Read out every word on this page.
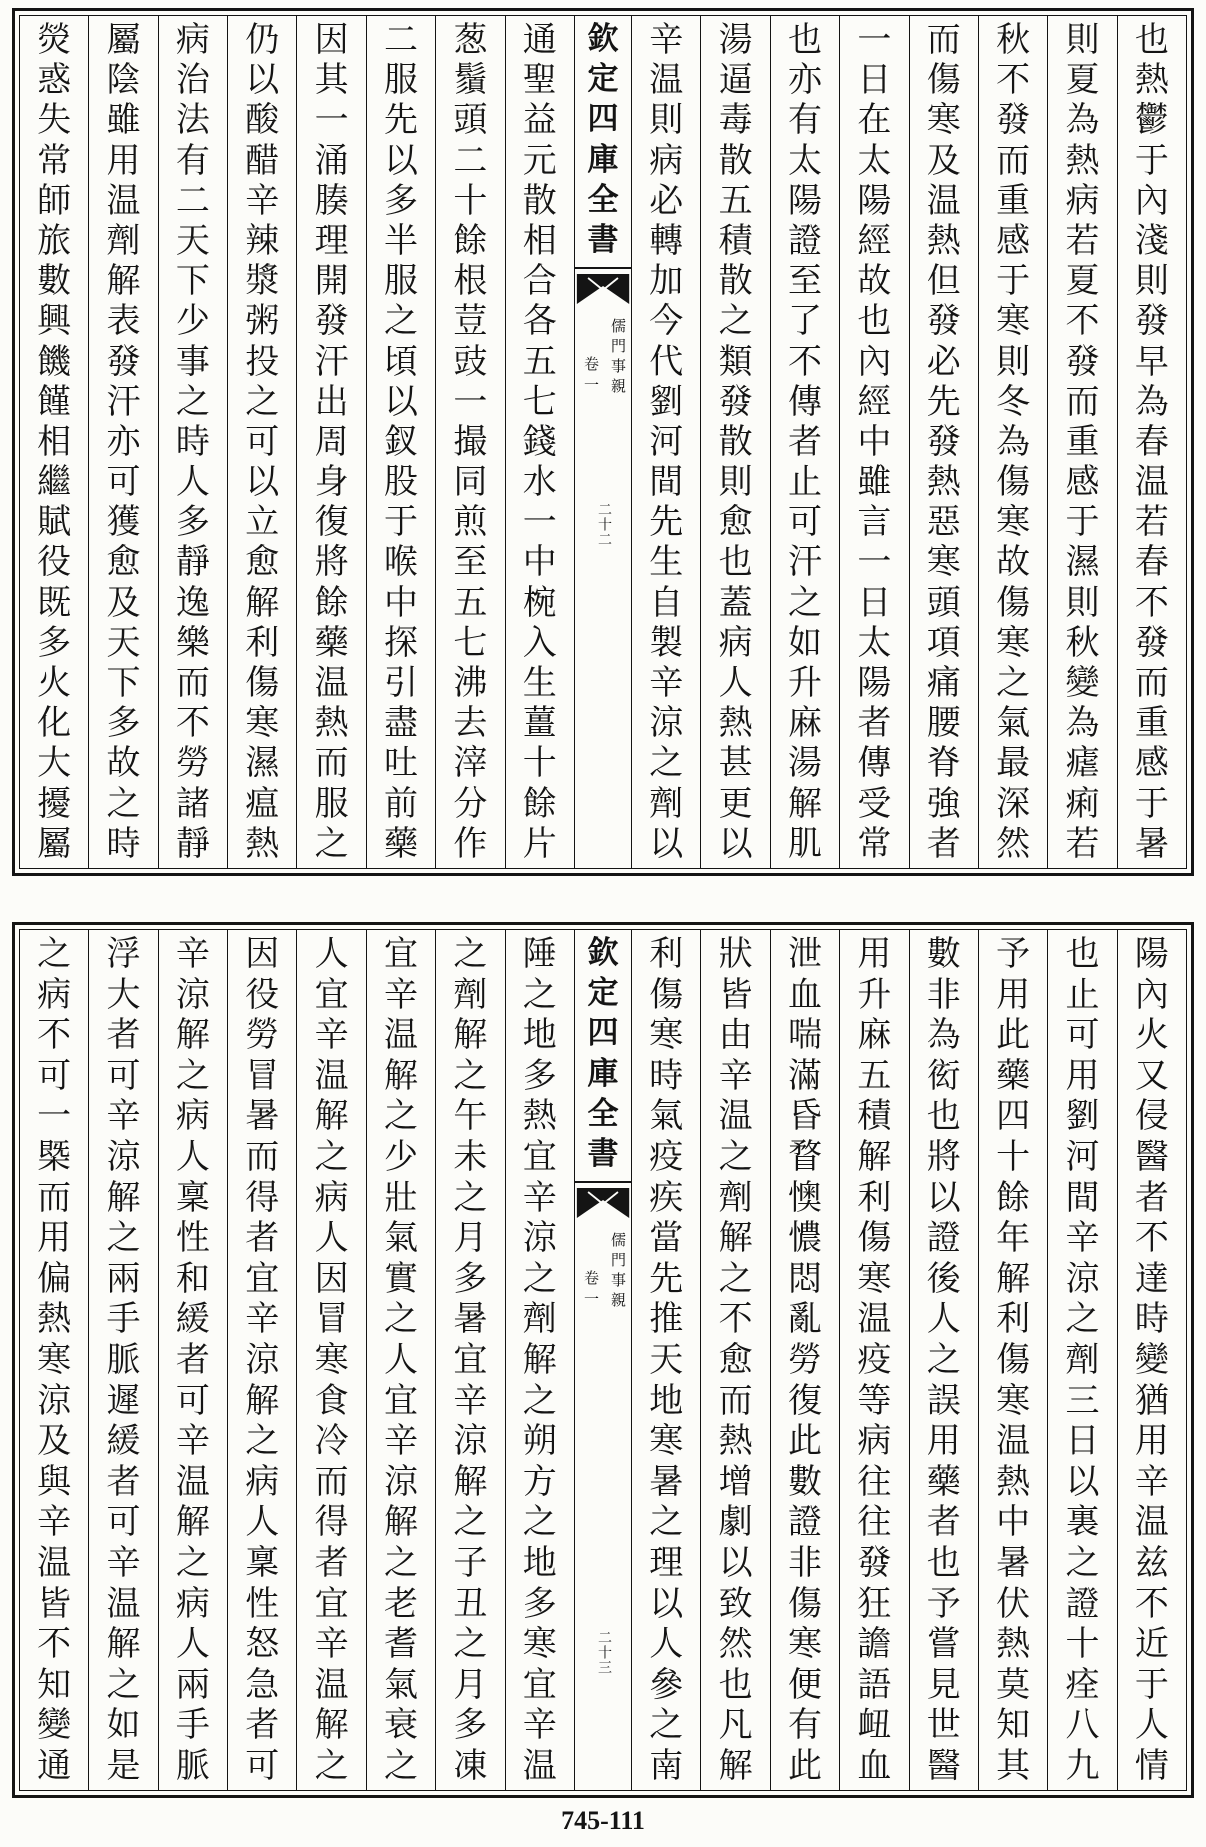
也
熱
鬱
于
內
淺
則
發
早
為
春
温
若
春
不
發
而
重
感
于
暑
則
夏
為
熱
病
若
夏
不
發
而
重
感
于
濕
則
秋
變
為
瘧
痢
若
秋
不
發
而
重
感
于
寒
則
冬
為
傷
寒
故
傷
寒
之
氣
最
深
然
而
傷
寒
及
温
熱
但
發
必
先
發
熱
惡
寒
頭
項
痛
腰
脊
強
者
一
日
在
太
陽
經
故
也
內
經
中
雖
言
一
日
太
陽
者
傳
受
常
也
亦
有
太
陽
證
至
了
不
傳
者
止
可
汗
之
如
升
麻
湯
解
肌
湯
逼
毒
散
五
積
散
之
類
發
散
則
愈
也
蓋
病
人
熱
甚
更
以
辛
温
則
病
必
轉
加
今
代
劉
河
間
先
生
自
製
辛
涼
之
劑
以
欽
定
四
庫
全
書
儒門事親
卷一
二十二
通
聖
益
元
散
相
合
各
五
七
錢
水
一
中
椀
入
生
薑
十
餘
片
葱
鬚
頭
二
十
餘
根
荳
豉
一
撮
同
煎
至
五
七
沸
去
滓
分
作
二
服
先
以
多
半
服
之
頃
以
釵
股
于
喉
中
探
引
盡
吐
前
藥
因
其
一
涌
腠
理
開
發
汗
出
周
身
復
將
餘
藥
温
熱
而
服
之
仍
以
酸
醋
辛
辣
漿
粥
投
之
可
以
立
愈
解
利
傷
寒
濕
瘟
熱
病
治
法
有
二
天
下
少
事
之
時
人
多
靜
逸
樂
而
不
勞
諸
靜
屬
陰
雖
用
温
劑
解
表
發
汗
亦
可
獲
愈
及
天
下
多
故
之
時
熒
惑
失
常
師
旅
數
興
饑
饉
相
繼
賦
役
既
多
火
化
大
擾
屬
陽
內
火
又
侵
醫
者
不
達
時
變
猶
用
辛
温
兹
不
近
于
人
情
也
止
可
用
劉
河
間
辛
涼
之
劑
三
日
以
裏
之
證
十
痊
八
九
予
用
此
藥
四
十
餘
年
解
利
傷
寒
温
熱
中
暑
伏
熱
莫
知
其
數
非
為
衒
也
將
以
證
後
人
之
誤
用
藥
者
也
予
嘗
見
世
醫
用
升
麻
五
積
解
利
傷
寒
温
疫
等
病
往
往
發
狂
譫
語
衄
血
泄
血
喘
滿
昏
瞀
懊
憹
悶
亂
勞
復
此
數
證
非
傷
寒
便
有
此
狀
皆
由
辛
温
之
劑
解
之
不
愈
而
熱
增
劇
以
致
然
也
凡
解
利
傷
寒
時
氣
疫
疾
當
先
推
天
地
寒
暑
之
理
以
人
參
之
南
欽
定
四
庫
全
書
儒門事親
卷一
二十三
陲
之
地
多
熱
宜
辛
涼
之
劑
解
之
朔
方
之
地
多
寒
宜
辛
温
之
劑
解
之
午
未
之
月
多
暑
宜
辛
涼
解
之
子
丑
之
月
多
凍
宜
辛
温
解
之
少
壯
氣
實
之
人
宜
辛
涼
解
之
老
耆
氣
衰
之
人
宜
辛
温
解
之
病
人
因
冒
寒
食
冷
而
得
者
宜
辛
温
解
之
因
役
勞
冒
暑
而
得
者
宜
辛
涼
解
之
病
人
稟
性
怒
急
者
可
辛
涼
解
之
病
人
稟
性
和
緩
者
可
辛
温
解
之
病
人
兩
手
脈
浮
大
者
可
辛
涼
解
之
兩
手
脈
遲
緩
者
可
辛
温
解
之
如
是
之
病
不
可
一
槩
而
用
偏
熱
寒
涼
及
與
辛
温
皆
不
知
變
通
745-111
